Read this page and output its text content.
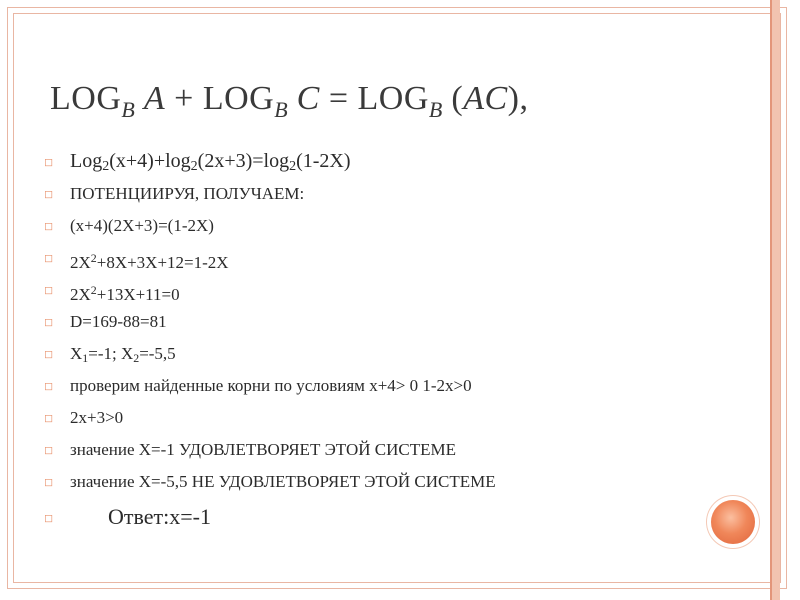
$LOG_B$ $A + LOG_B$ $C = LOG_B$ (AC),
◻ $Log_2(x+4)+\log_2(2x+3)=\log_2(1-2X)$
◻ ПОТЕНЦИИРУЯ, ПОЛУЧАЕМ:
◻ (x+4)(2X+3)=(1-2X)
◻ $2X^2+8X+3X+12=1-2X$
◻ $2X^2+13X+11=0$
◻ D=169-88=81
◻ $X_1=-1$; $X_2=-5,5$
◻ проверим найденные корни по условиям x+4> 0 1-2x>0
◻ 2x+3>0
◻ значение X=-1 УДОВЛЕТВОРЯЕТ ЭТОЙ СИСТЕМЕ
◻ значение X=-5,5 НЕ УДОВЛЕТВОРЯЕТ ЭТОЙ СИСТЕМЕ
◻ Ответ:x=-1
